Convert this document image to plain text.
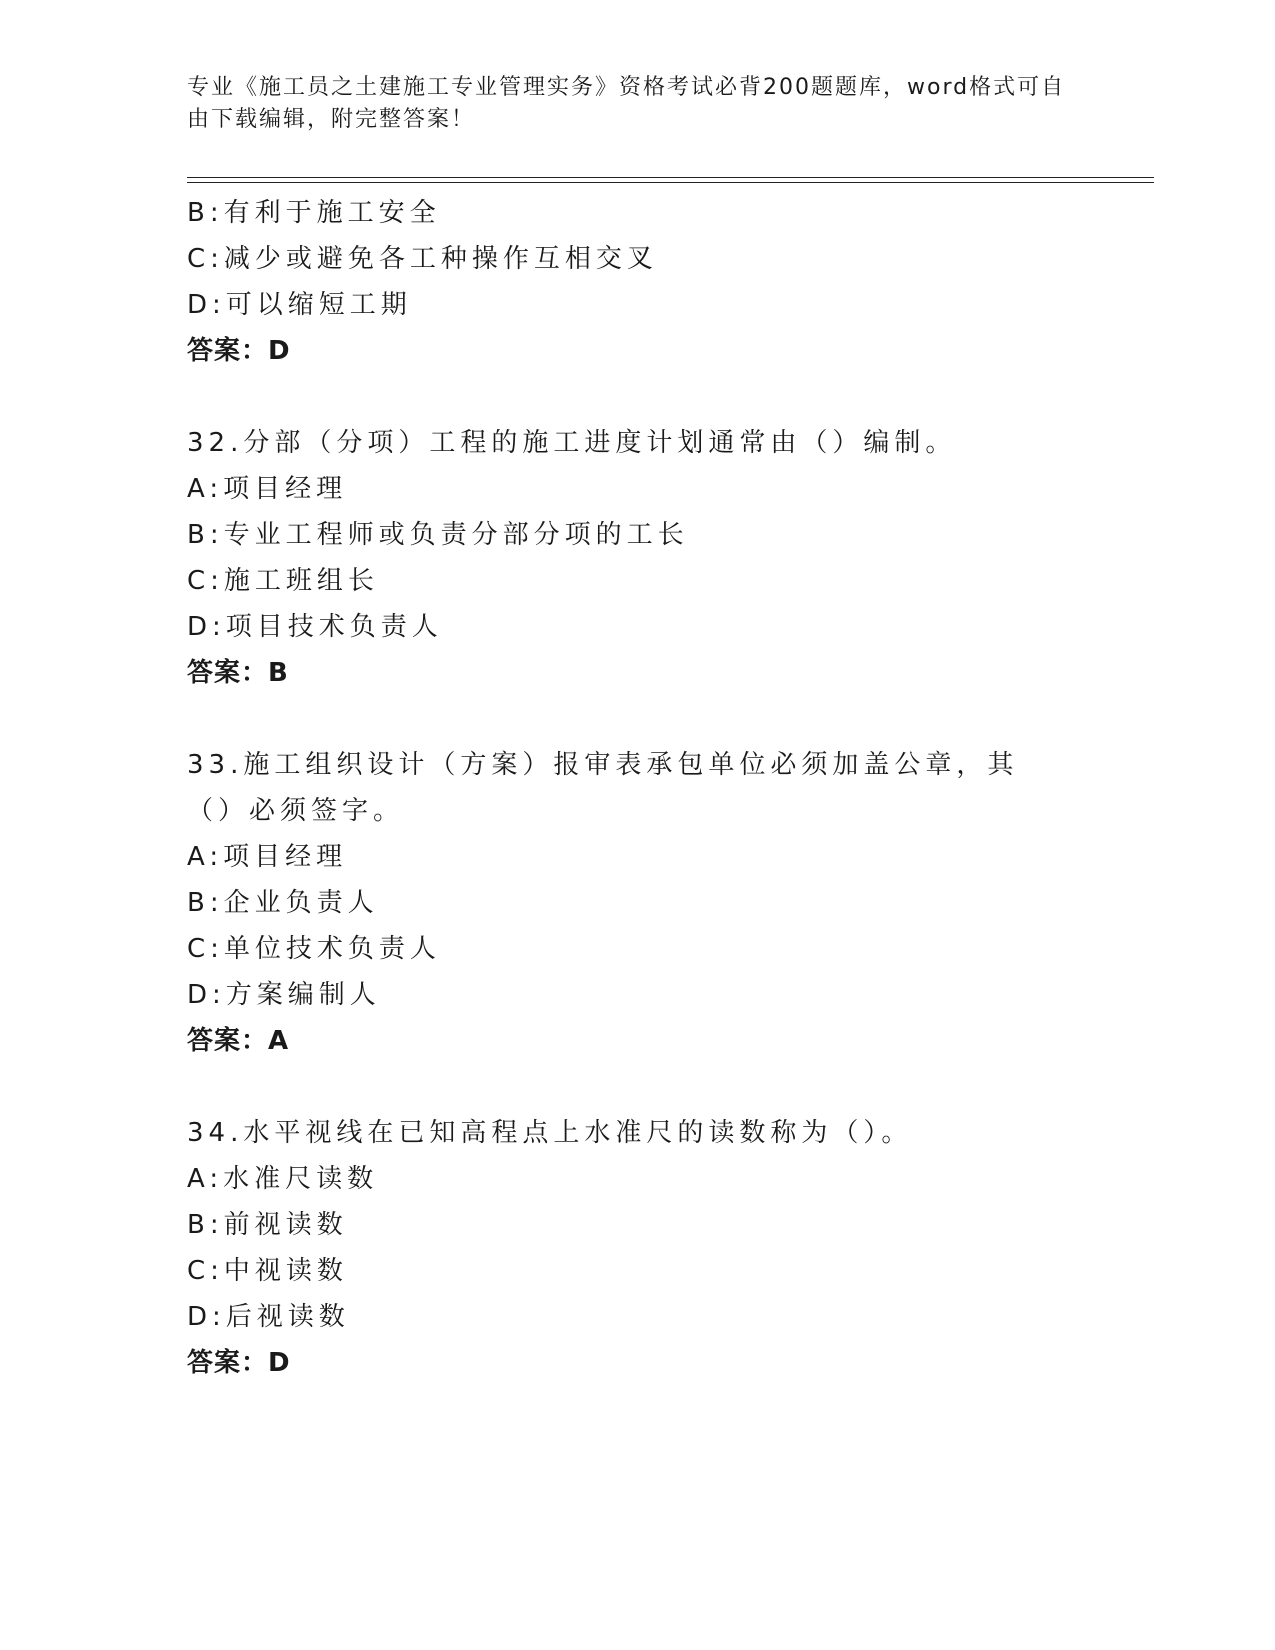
专业《施工员之土建施工专业管理实务》资格考试必背200题题库，word格式可自由下载编辑，附完整答案！
B:有利于施工安全
C:减少或避免各工种操作互相交叉
D:可以缩短工期
答案：D
32.分部（分项）工程的施工进度计划通常由（）编制。
A:项目经理
B:专业工程师或负责分部分项的工长
C:施工班组长
D:项目技术负责人
答案：B
33.施工组织设计（方案）报审表承包单位必须加盖公章，其（）必须签字。
A:项目经理
B:企业负责人
C:单位技术负责人
D:方案编制人
答案：A
34.水平视线在已知高程点上水准尺的读数称为（）。
A:水准尺读数
B:前视读数
C:中视读数
D:后视读数
答案：D
